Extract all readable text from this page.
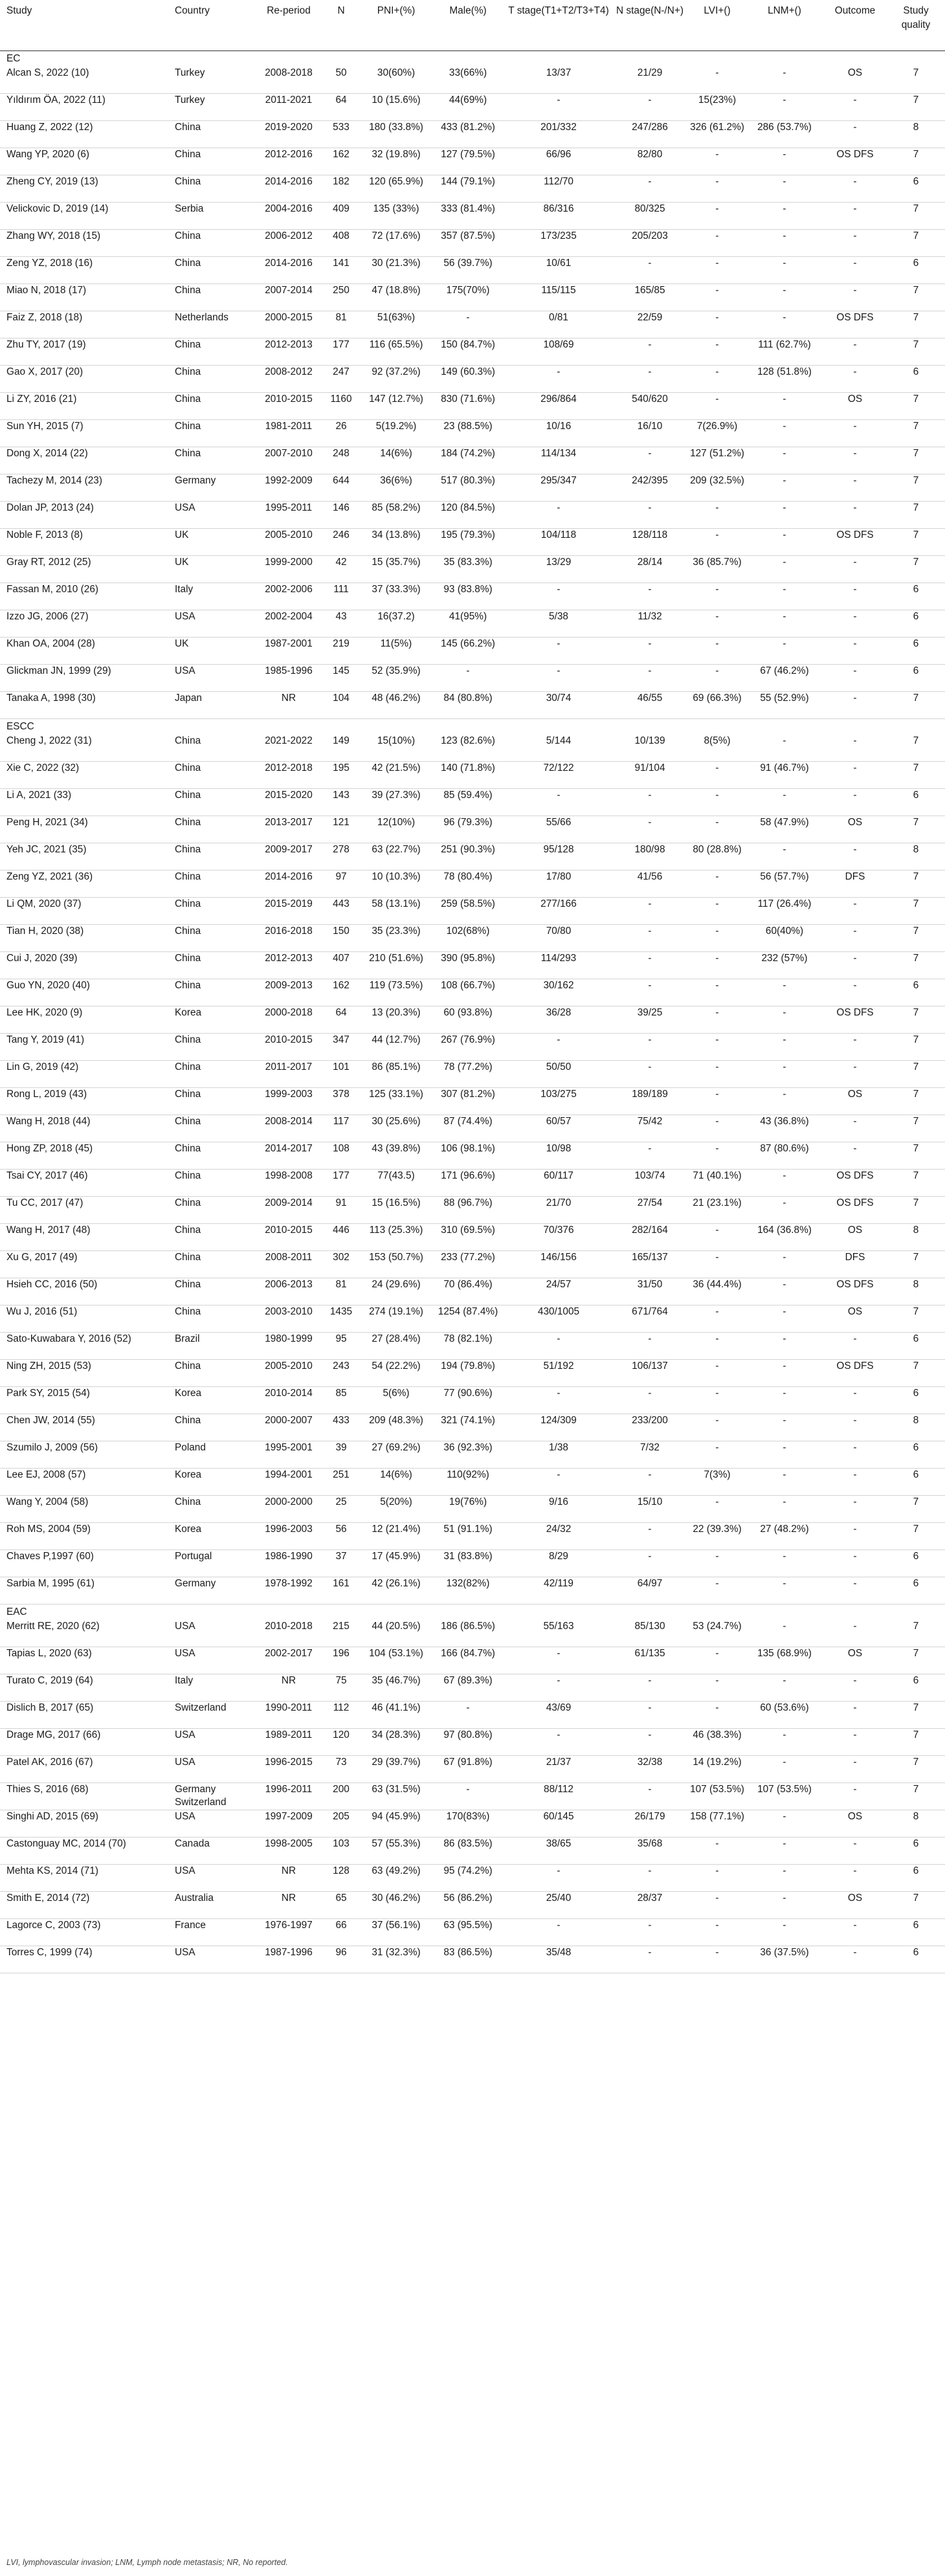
Study	Country	Re-period	N	PNI+(%)	Male(%)	T stage(T1+T2/T3+T4)	N stage(N-/N+)	LVI+()	LNM+()	Outcome	Study quality
EC											
Alcan S, 2022 (10)	Turkey	2008-2018	50	30(60%)	33(66%)	13/37	21/29	-	-	OS	7
Yıldırım ÖA, 2022 (11)	Turkey	2011-2021	64	10 (15.6%)	44(69%)	-	-	15(23%)	-	-	7
Huang Z, 2022 (12)	China	2019-2020	533	180 (33.8%)	433 (81.2%)	201/332	247/286	326 (61.2%)	286 (53.7%)	-	8
Wang YP, 2020 (6)	China	2012-2016	162	32 (19.8%)	127 (79.5%)	66/96	82/80	-	-	OS DFS	7
Zheng CY, 2019 (13)	China	2014-2016	182	120 (65.9%)	144 (79.1%)	112/70	-	-	-	-	6
Velickovic D, 2019 (14)	Serbia	2004-2016	409	135 (33%)	333 (81.4%)	86/316	80/325	-	-	-	7
Zhang WY, 2018 (15)	China	2006-2012	408	72 (17.6%)	357 (87.5%)	173/235	205/203	-	-	-	7
Zeng YZ, 2018 (16)	China	2014-2016	141	30 (21.3%)	56 (39.7%)	10/61	-	-	-	-	6
Miao N, 2018 (17)	China	2007-2014	250	47 (18.8%)	175(70%)	115/115	165/85	-	-	-	7
Faiz Z, 2018 (18)	Netherlands	2000-2015	81	51(63%)	-	0/81	22/59	-	-	OS DFS	7
Zhu TY, 2017 (19)	China	2012-2013	177	116 (65.5%)	150 (84.7%)	108/69	-	-	111 (62.7%)	-	7
Gao X, 2017 (20)	China	2008-2012	247	92 (37.2%)	149 (60.3%)	-	-	-	128 (51.8%)	-	6
Li ZY, 2016 (21)	China	2010-2015	1160	147 (12.7%)	830 (71.6%)	296/864	540/620	-	-	OS	7
Sun YH, 2015 (7)	China	1981-2011	26	5(19.2%)	23 (88.5%)	10/16	16/10	7(26.9%)	-	-	7
Dong X, 2014 (22)	China	2007-2010	248	14(6%)	184 (74.2%)	114/134	-	127 (51.2%)	-	-	7
Tachezy M, 2014 (23)	Germany	1992-2009	644	36(6%)	517 (80.3%)	295/347	242/395	209 (32.5%)	-	-	7
Dolan JP, 2013 (24)	USA	1995-2011	146	85 (58.2%)	120 (84.5%)	-	-	-	-	-	7
Noble F, 2013 (8)	UK	2005-2010	246	34 (13.8%)	195 (79.3%)	104/118	128/118	-	-	OS DFS	7
Gray RT, 2012 (25)	UK	1999-2000	42	15 (35.7%)	35 (83.3%)	13/29	28/14	36 (85.7%)	-	-	7
Fassan M, 2010 (26)	Italy	2002-2006	111	37 (33.3%)	93 (83.8%)	-	-	-	-	-	6
Izzo JG, 2006 (27)	USA	2002-2004	43	16(37.2)	41(95%)	5/38	11/32	-	-	-	6
Khan OA, 2004 (28)	UK	1987-2001	219	11(5%)	145 (66.2%)	-	-	-	-	-	6
Glickman JN, 1999 (29)	USA	1985-1996	145	52 (35.9%)	-	-	-	-	67 (46.2%)	-	6
Tanaka A, 1998 (30)	Japan	NR	104	48 (46.2%)	84 (80.8%)	30/74	46/55	69 (66.3%)	55 (52.9%)	-	7
ESCC											
Cheng J, 2022 (31)	China	2021-2022	149	15(10%)	123 (82.6%)	5/144	10/139	8(5%)	-	-	7
Xie C, 2022 (32)	China	2012-2018	195	42 (21.5%)	140 (71.8%)	72/122	91/104	-	91 (46.7%)	-	7
Li A, 2021 (33)	China	2015-2020	143	39 (27.3%)	85 (59.4%)	-	-	-	-	-	6
Peng H, 2021 (34)	China	2013-2017	121	12(10%)	96 (79.3%)	55/66	-	-	58 (47.9%)	OS	7
Yeh JC, 2021 (35)	China	2009-2017	278	63 (22.7%)	251 (90.3%)	95/128	180/98	80 (28.8%)	-	-	8
Zeng YZ, 2021 (36)	China	2014-2016	97	10 (10.3%)	78 (80.4%)	17/80	41/56	-	56 (57.7%)	DFS	7
Li QM, 2020 (37)	China	2015-2019	443	58 (13.1%)	259 (58.5%)	277/166	-	-	117 (26.4%)	-	7
Tian H, 2020 (38)	China	2016-2018	150	35 (23.3%)	102(68%)	70/80	-	-	60(40%)	-	7
Cui J, 2020 (39)	China	2012-2013	407	210 (51.6%)	390 (95.8%)	114/293	-	-	232 (57%)	-	7
Guo YN, 2020 (40)	China	2009-2013	162	119 (73.5%)	108 (66.7%)	30/162	-	-	-	-	6
Lee HK, 2020 (9)	Korea	2000-2018	64	13 (20.3%)	60 (93.8%)	36/28	39/25	-	-	OS DFS	7
Tang Y, 2019 (41)	China	2010-2015	347	44 (12.7%)	267 (76.9%)	-	-	-	-	-	7
Lin G, 2019 (42)	China	2011-2017	101	86 (85.1%)	78 (77.2%)	50/50	-	-	-	-	7
Rong L, 2019 (43)	China	1999-2003	378	125 (33.1%)	307 (81.2%)	103/275	189/189	-	-	OS	7
Wang H, 2018 (44)	China	2008-2014	117	30 (25.6%)	87 (74.4%)	60/57	75/42	-	43 (36.8%)	-	7
Hong ZP, 2018 (45)	China	2014-2017	108	43 (39.8%)	106 (98.1%)	10/98	-	-	87 (80.6%)	-	7
Tsai CY, 2017 (46)	China	1998-2008	177	77(43.5)	171 (96.6%)	60/117	103/74	71 (40.1%)	-	OS DFS	7
Tu CC, 2017 (47)	China	2009-2014	91	15 (16.5%)	88 (96.7%)	21/70	27/54	21 (23.1%)	-	OS DFS	7
Wang H, 2017 (48)	China	2010-2015	446	113 (25.3%)	310 (69.5%)	70/376	282/164	-	164 (36.8%)	OS	8
Xu G, 2017 (49)	China	2008-2011	302	153 (50.7%)	233 (77.2%)	146/156	165/137	-	-	DFS	7
Hsieh CC, 2016 (50)	China	2006-2013	81	24 (29.6%)	70 (86.4%)	24/57	31/50	36 (44.4%)	-	OS DFS	8
Wu J, 2016 (51)	China	2003-2010	1435	274 (19.1%)	1254 (87.4%)	430/1005	671/764	-	-	OS	7
Sato-Kuwabara Y, 2016 (52)	Brazil	1980-1999	95	27 (28.4%)	78 (82.1%)	-	-	-	-	-	6
Ning ZH, 2015 (53)	China	2005-2010	243	54 (22.2%)	194 (79.8%)	51/192	106/137	-	-	OS DFS	7
Park SY, 2015 (54)	Korea	2010-2014	85	5(6%)	77 (90.6%)	-	-	-	-	-	6
Chen JW, 2014 (55)	China	2000-2007	433	209 (48.3%)	321 (74.1%)	124/309	233/200	-	-	-	8
Szumilo J, 2009 (56)	Poland	1995-2001	39	27 (69.2%)	36 (92.3%)	1/38	7/32	-	-	-	6
Lee EJ, 2008 (57)	Korea	1994-2001	251	14(6%)	110(92%)	-	-	7(3%)	-	-	6
Wang Y, 2004 (58)	China	2000-2000	25	5(20%)	19(76%)	9/16	15/10	-	-	-	7
Roh MS, 2004 (59)	Korea	1996-2003	56	12 (21.4%)	51 (91.1%)	24/32	-	22 (39.3%)	27 (48.2%)	-	7
Chaves P,1997 (60)	Portugal	1986-1990	37	17 (45.9%)	31 (83.8%)	8/29	-	-	-	-	6
Sarbia M, 1995 (61)	Germany	1978-1992	161	42 (26.1%)	132(82%)	42/119	64/97	-	-	-	6
EAC											
Merritt RE, 2020 (62)	USA	2010-2018	215	44 (20.5%)	186 (86.5%)	55/163	85/130	53 (24.7%)	-	-	7
Tapias L, 2020 (63)	USA	2002-2017	196	104 (53.1%)	166 (84.7%)	-	61/135	-	135 (68.9%)	OS	7
Turato C, 2019 (64)	Italy	NR	75	35 (46.7%)	67 (89.3%)	-	-	-	-	-	6
Dislich B, 2017 (65)	Switzerland	1990-2011	112	46 (41.1%)	-	43/69	-	-	60 (53.6%)	-	7
Drage MG, 2017 (66)	USA	1989-2011	120	34 (28.3%)	97 (80.8%)	-	-	46 (38.3%)	-	-	7
Patel AK, 2016 (67)	USA	1996-2015	73	29 (39.7%)	67 (91.8%)	21/37	32/38	14 (19.2%)	-	-	7
Thies S, 2016 (68)	Germany Switzerland	1996-2011	200	63 (31.5%)	-	88/112	-	107 (53.5%)	107 (53.5%)	-	7
Singhi AD, 2015 (69)	USA	1997-2009	205	94 (45.9%)	170(83%)	60/145	26/179	158 (77.1%)	-	OS	8
Castonguay MC, 2014 (70)	Canada	1998-2005	103	57 (55.3%)	86 (83.5%)	38/65	35/68	-	-	-	6
Mehta KS, 2014 (71)	USA	NR	128	63 (49.2%)	95 (74.2%)	-	-	-	-	-	6
Smith E, 2014 (72)	Australia	NR	65	30 (46.2%)	56 (86.2%)	25/40	28/37	-	-	OS	7
Lagorce C, 2003 (73)	France	1976-1997	66	37 (56.1%)	63 (95.5%)	-	-	-	-	-	6
Torres C, 1999 (74)	USA	1987-1996	96	31 (32.3%)	83 (86.5%)	35/48	-	-	36 (37.5%)	-	6
LVI, lymphovascular invasion; LNM, Lymph node metastasis; NR, No reported.
